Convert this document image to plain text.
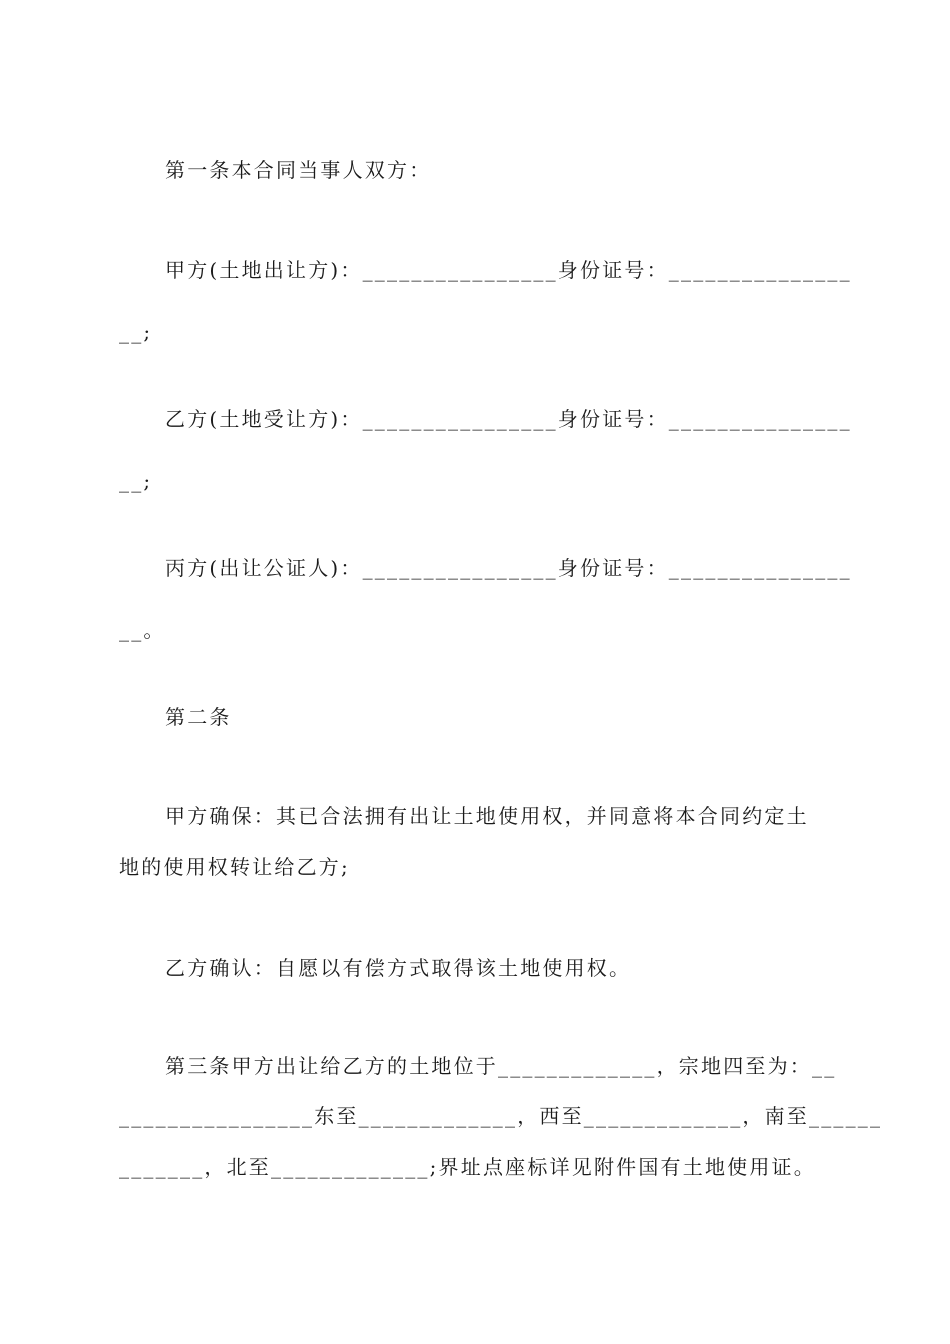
第一条本合同当事人双方：
甲方(土地出让方)：________________身份证号：_______________
__;
乙方(土地受让方)：________________身份证号：_______________
__;
丙方(出让公证人)：________________身份证号：_______________
__。
第二条
甲方确保：其已合法拥有出让土地使用权，并同意将本合同约定土
地的使用权转让给乙方;
乙方确认：自愿以有偿方式取得该土地使用权。
第三条甲方出让给乙方的土地位于_____________，宗地四至为：__
________________东至_____________，西至_____________，南至______
_______，北至_____________;界址点座标详见附件国有土地使用证。
